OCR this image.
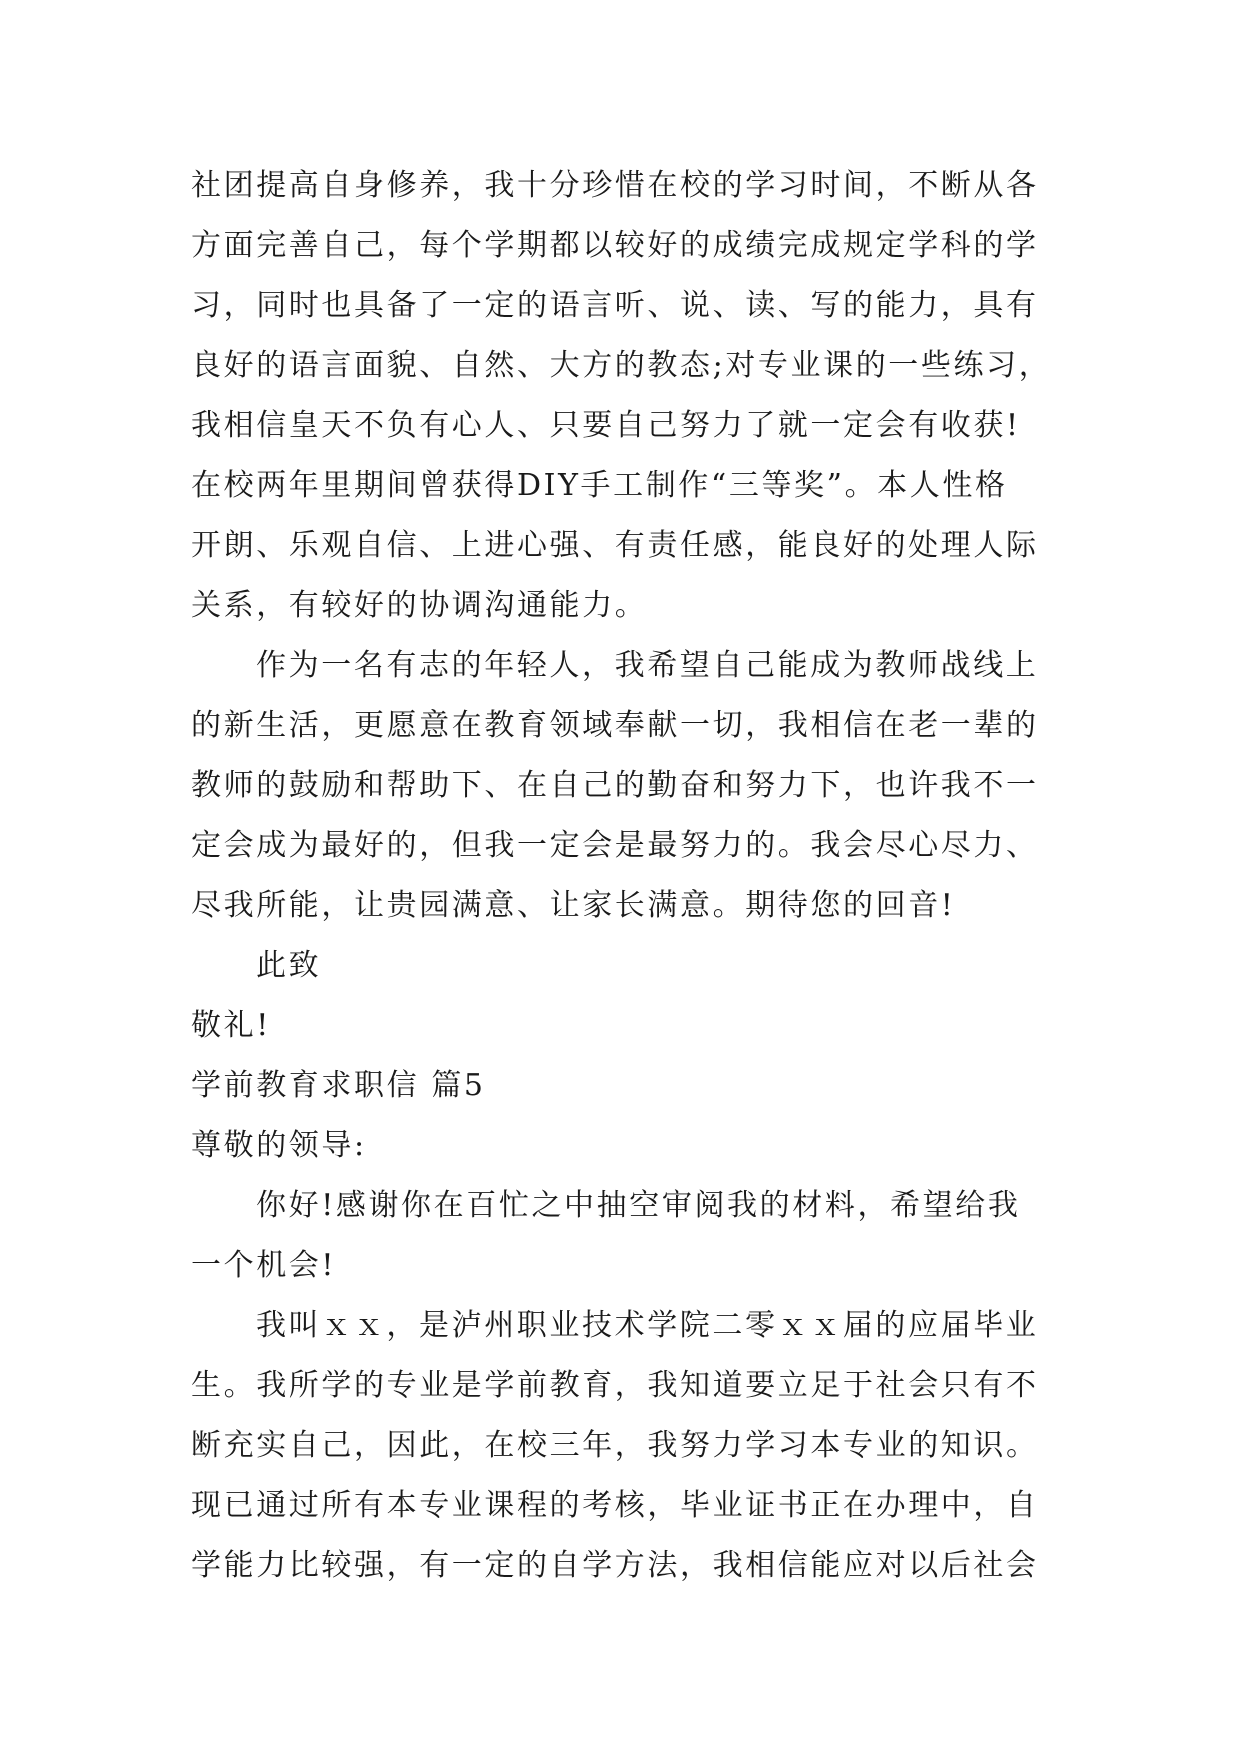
社团提高自身修养，我十分珍惜在校的学习时间，不断从各
方面完善自己，每个学期都以较好的成绩完成规定学科的学
习，同时也具备了一定的语言听、说、读、写的能力，具有
良好的语言面貌、自然、大方的教态;对专业课的一些练习，
我相信皇天不负有心人、只要自己努力了就一定会有收获!
在校两年里期间曾获得DIY手工制作“三等奖”。本人性格
开朗、乐观自信、上进心强、有责任感，能良好的处理人际
关系，有较好的协调沟通能力。
作为一名有志的年轻人，我希望自己能成为教师战线上
的新生活，更愿意在教育领域奉献一切，我相信在老一辈的
教师的鼓励和帮助下、在自己的勤奋和努力下，也许我不一
定会成为最好的，但我一定会是最努力的。我会尽心尽力、
尽我所能，让贵园满意、让家长满意。期待您的回音!
此致
敬礼!
学前教育求职信 篇5
尊敬的领导:
你好!感谢你在百忙之中抽空审阅我的材料，希望给我
一个机会!
我叫ｘｘ，是泸州职业技术学院二零ｘｘ届的应届毕业
生。我所学的专业是学前教育，我知道要立足于社会只有不
断充实自己，因此，在校三年，我努力学习本专业的知识。
现已通过所有本专业课程的考核，毕业证书正在办理中，自
学能力比较强，有一定的自学方法，我相信能应对以后社会
